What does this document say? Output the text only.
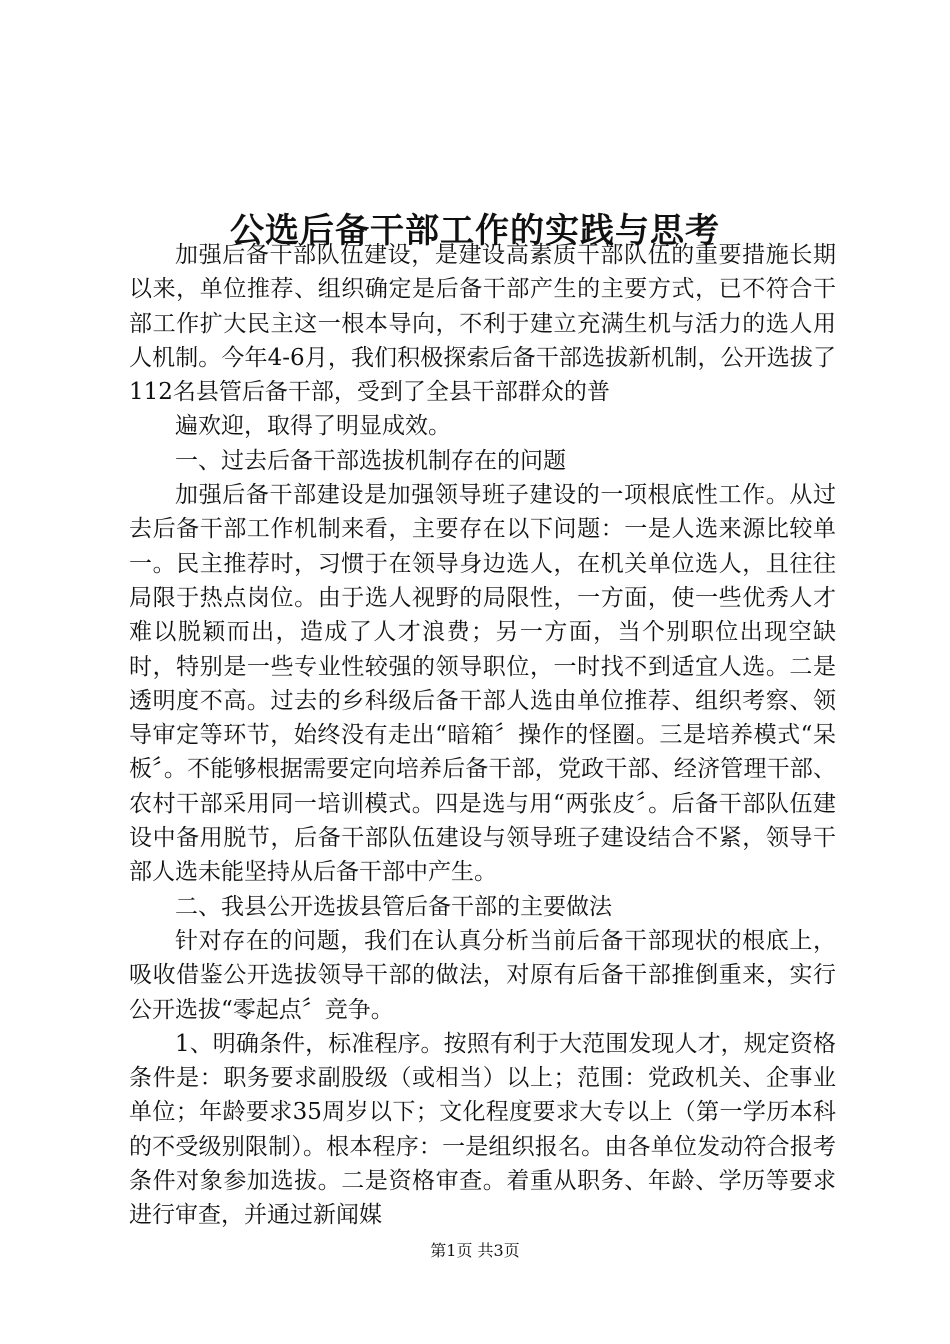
公选后备干部工作的实践与思考

加强后备干部队伍建设，是建设高素质干部队伍的重要措施长期以来，单位推荐、组织确定是后备干部产生的主要方式，已不符合干部工作扩大民主这一根本导向，不利于建立充满生机与活力的选人用人机制。今年4-6月，我们积极探索后备干部选拔新机制，公开选拔了112名县管后备干部，受到了全县干部群众的普

遍欢迎，取得了明显成效。

一、过去后备干部选拔机制存在的问题

加强后备干部建设是加强领导班子建设的一项根底性工作。从过去后备干部工作机制来看，主要存在以下问题：一是人选来源比较单一。民主推荐时，习惯于在领导身边选人，在机关单位选人，且往往局限于热点岗位。由于选人视野的局限性，一方面，使一些优秀人才难以脱颖而出，造成了人才浪费；另一方面，当个别职位出现空缺时，特别是一些专业性较强的领导职位，一时找不到适宜人选。二是透明度不高。过去的乡科级后备干部人选由单位推荐、组织考察、领导审定等环节，始终没有走出“暗箱〞操作的怪圈。三是培养模式“呆板〞。不能够根据需要定向培养后备干部，党政干部、经济管理干部、农村干部采用同一培训模式。四是选与用“两张皮〞。后备干部队伍建设中备用脱节，后备干部队伍建设与领导班子建设结合不紧，领导干部人选未能坚持从后备干部中产生。

二、我县公开选拔县管后备干部的主要做法

针对存在的问题，我们在认真分析当前后备干部现状的根底上，吸收借鉴公开选拔领导干部的做法，对原有后备干部推倒重来，实行公开选拔“零起点〞竞争。

1、明确条件，标准程序。按照有利于大范围发现人才，规定资格条件是：职务要求副股级（或相当）以上；范围：党政机关、企事业单位；年龄要求35周岁以下；文化程度要求大专以上（第一学历本科的不受级别限制）。根本程序：一是组织报名。由各单位发动符合报考条件对象参加选拔。二是资格审查。着重从职务、年龄、学历等要求进行审查，并通过新闻媒

第1页 共3页
